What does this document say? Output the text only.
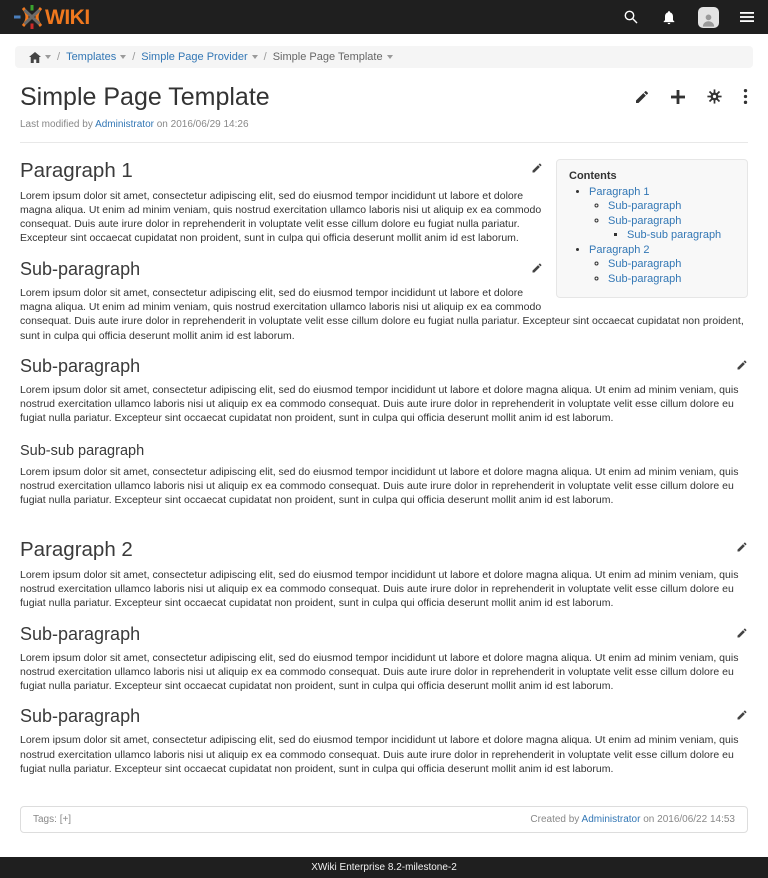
WIKI
/ Templates / Simple Page Provider / Simple Page Template
Simple Page Template

Last modified by Administrator on 2016/06/29 14:26

Contents
• Paragraph 1
◦ Sub-paragraph
◦ Sub-paragraph
▪ Sub-sub paragraph
• Paragraph 2
◦ Sub-paragraph
◦ Sub-paragraph
Paragraph 1

Lorem ipsum dolor sit amet, consectetur adipiscing elit, sed do eiusmod tempor incididunt ut labore et dolore magna aliqua. Ut enim ad minim veniam, quis nostrud exercitation ullamco laboris nisi ut aliquip ex ea commodo consequat. Duis aute irure dolor in reprehenderit in voluptate velit esse cillum dolore eu fugiat nulla pariatur. Excepteur sint occaecat cupidatat non proident, sunt in culpa qui officia deserunt mollit anim id est laborum.

Sub-paragraph

Lorem ipsum dolor sit amet, consectetur adipiscing elit, sed do eiusmod tempor incididunt ut labore et dolore magna aliqua. Ut enim ad minim veniam, quis nostrud exercitation ullamco laboris nisi ut aliquip ex ea commodo consequat. Duis aute irure dolor in reprehenderit in voluptate velit esse cillum dolore eu fugiat nulla pariatur. Excepteur sint occaecat cupidatat non proident, sunt in culpa qui officia deserunt mollit anim id est laborum.

Sub-paragraph

Lorem ipsum dolor sit amet, consectetur adipiscing elit, sed do eiusmod tempor incididunt ut labore et dolore magna aliqua. Ut enim ad minim veniam, quis nostrud exercitation ullamco laboris nisi ut aliquip ex ea commodo consequat. Duis aute irure dolor in reprehenderit in voluptate velit esse cillum dolore eu fugiat nulla pariatur. Excepteur sint occaecat cupidatat non proident, sunt in culpa qui officia deserunt mollit anim id est laborum.

Sub-sub paragraph

Lorem ipsum dolor sit amet, consectetur adipiscing elit, sed do eiusmod tempor incididunt ut labore et dolore magna aliqua. Ut enim ad minim veniam, quis nostrud exercitation ullamco laboris nisi ut aliquip ex ea commodo consequat. Duis aute irure dolor in reprehenderit in voluptate velit esse cillum dolore eu fugiat nulla pariatur. Excepteur sint occaecat cupidatat non proident, sunt in culpa qui officia deserunt mollit anim id est laborum.

Paragraph 2

Lorem ipsum dolor sit amet, consectetur adipiscing elit, sed do eiusmod tempor incididunt ut labore et dolore magna aliqua. Ut enim ad minim veniam, quis nostrud exercitation ullamco laboris nisi ut aliquip ex ea commodo consequat. Duis aute irure dolor in reprehenderit in voluptate velit esse cillum dolore eu fugiat nulla pariatur. Excepteur sint occaecat cupidatat non proident, sunt in culpa qui officia deserunt mollit anim id est laborum.

Sub-paragraph

Lorem ipsum dolor sit amet, consectetur adipiscing elit, sed do eiusmod tempor incididunt ut labore et dolore magna aliqua. Ut enim ad minim veniam, quis nostrud exercitation ullamco laboris nisi ut aliquip ex ea commodo consequat. Duis aute irure dolor in reprehenderit in voluptate velit esse cillum dolore eu fugiat nulla pariatur. Excepteur sint occaecat cupidatat non proident, sunt in culpa qui officia deserunt mollit anim id est laborum.

Sub-paragraph

Lorem ipsum dolor sit amet, consectetur adipiscing elit, sed do eiusmod tempor incididunt ut labore et dolore magna aliqua. Ut enim ad minim veniam, quis nostrud exercitation ullamco laboris nisi ut aliquip ex ea commodo consequat. Duis aute irure dolor in reprehenderit in voluptate velit esse cillum dolore eu fugiat nulla pariatur. Excepteur sint occaecat cupidatat non proident, sunt in culpa qui officia deserunt mollit anim id est laborum.

Tags: [+]	Created by Administrator on 2016/06/22 14:53
XWiki Enterprise 8.2-milestone-2
